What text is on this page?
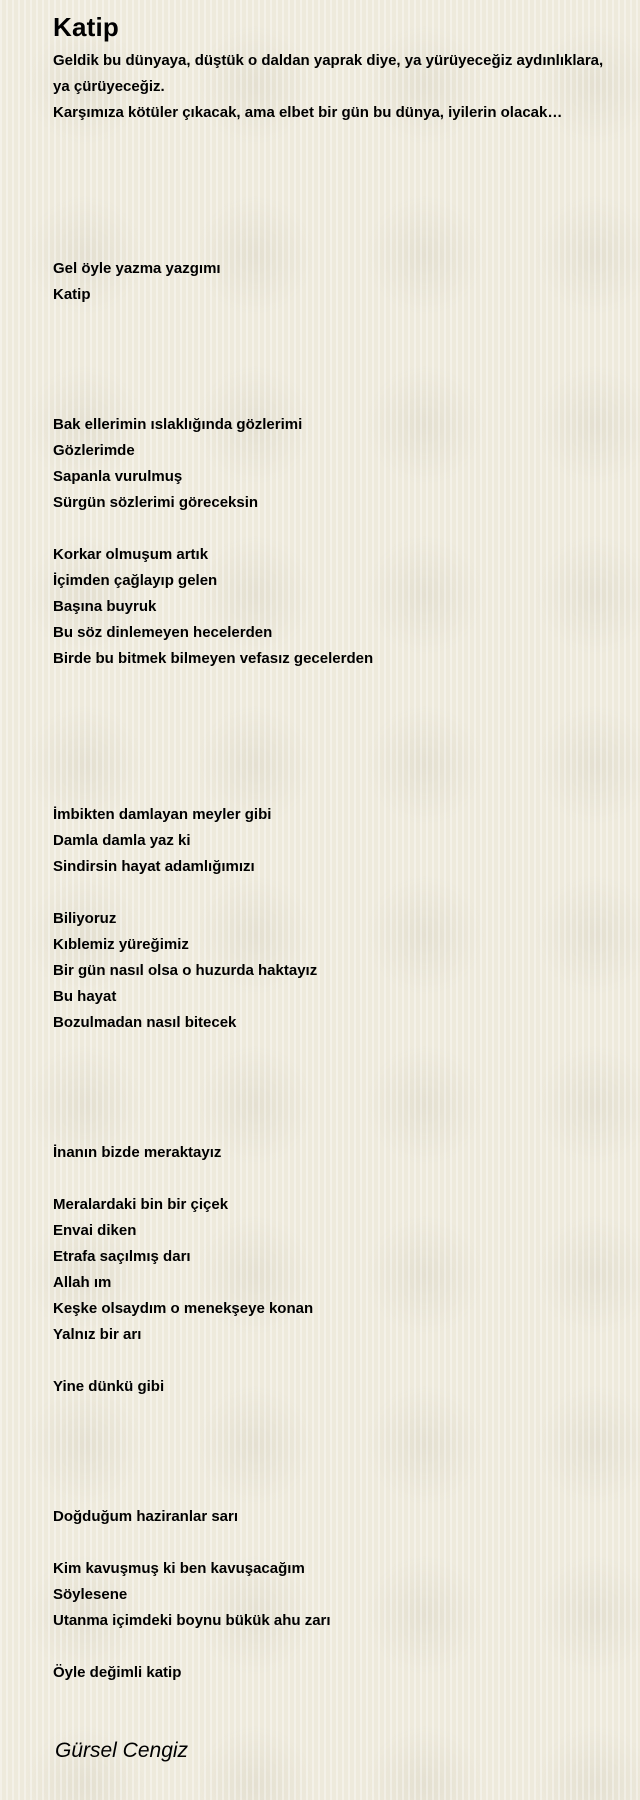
Katip

Geldik bu dünyaya, düştük o daldan yaprak diye, ya yürüyeceğiz aydınlıklara, ya çürüyeceğiz.

Karşımıza kötüler çıkacak, ama elbet bir gün bu dünya, iyilerin olacak…

Gel öyle yazma yazgımı
Katip
Bak ellerimin ıslaklığında gözlerimi
Gözlerimde
Sapanla vurulmuş
Sürgün sözlerimi göreceksin
Korkar olmuşum artık
İçimden çağlayıp gelen
Başına buyruk
Bu söz dinlemeyen hecelerden
Birde bu bitmek bilmeyen vefasız gecelerden
İmbikten damlayan meyler gibi
Damla damla yaz ki
Sindirsin hayat adamlığımızı
Biliyoruz
Kıblemiz yüreğimiz
Bir gün nasıl olsa o huzurda haktayız
Bu hayat
Bozulmadan nasıl bitecek
İnanın bizde meraktayız
Meralardaki bin bir çiçek
Envai diken
Etrafa saçılmış darı
Allah ım
Keşke olsaydım o menekşeye konan
Yalnız bir arı
Yine dünkü gibi
Doğduğum haziranlar sarı
Kim kavuşmuş ki ben kavuşacağım
Söylesene
Utanma içimdeki boynu bükük ahu zarı
Öyle değimli katip

Gürsel Cengiz
